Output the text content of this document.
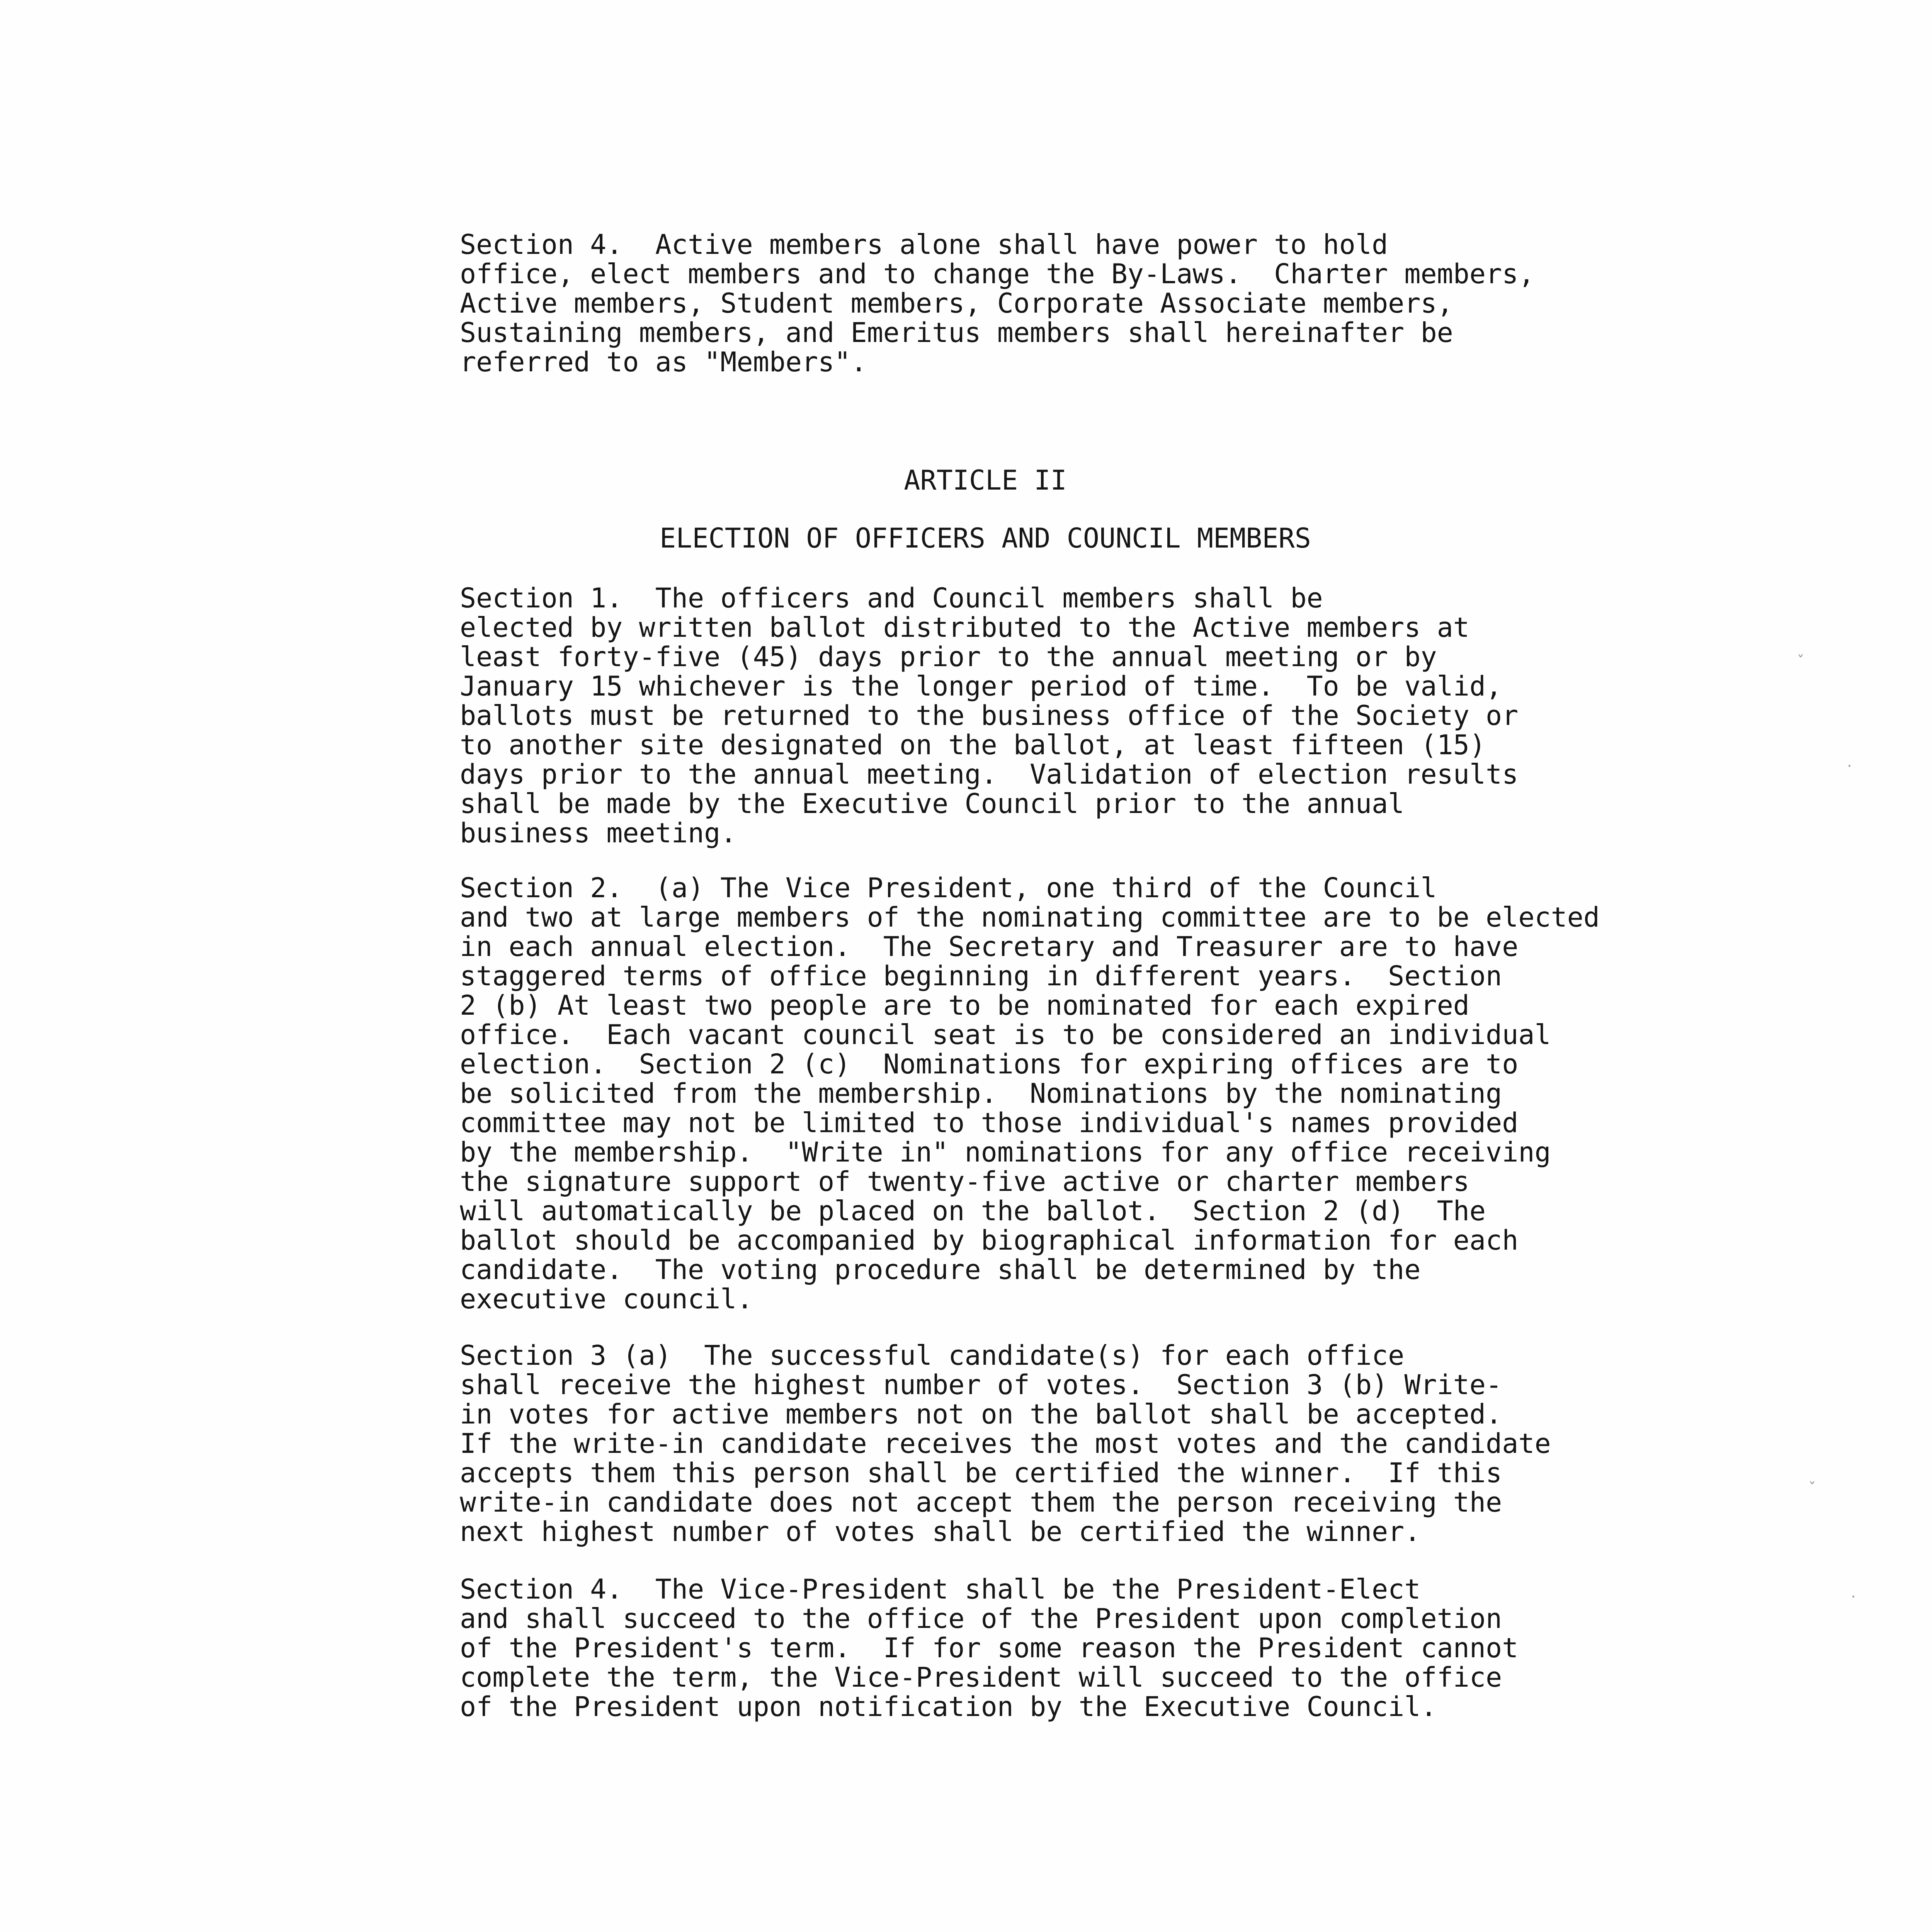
Section 4.  Active members alone shall have power to hold
office, elect members and to change the By-Laws.  Charter members,
Active members, Student members, Corporate Associate members,
Sustaining members, and Emeritus members shall hereinafter be
referred to as "Members".

ARTICLE II

ELECTION OF OFFICERS AND COUNCIL MEMBERS

Section 1.  The officers and Council members shall be
elected by written ballot distributed to the Active members at
least forty-five (45) days prior to the annual meeting or by
January 15 whichever is the longer period of time.  To be valid,
ballots must be returned to the business office of the Society or
to another site designated on the ballot, at least fifteen (15)
days prior to the annual meeting.  Validation of election results
shall be made by the Executive Council prior to the annual
business meeting.

Section 2.  (a) The Vice President, one third of the Council
and two at large members of the nominating committee are to be elected
in each annual election.  The Secretary and Treasurer are to have
staggered terms of office beginning in different years.  Section
2 (b) At least two people are to be nominated for each expired
office.  Each vacant council seat is to be considered an individual
election.  Section 2 (c)  Nominations for expiring offices are to
be solicited from the membership.  Nominations by the nominating
committee may not be limited to those individual's names provided
by the membership.  "Write in" nominations for any office receiving
the signature support of twenty-five active or charter members
will automatically be placed on the ballot.  Section 2 (d)  The
ballot should be accompanied by biographical information for each
candidate.  The voting procedure shall be determined by the
executive council.

Section 3 (a)  The successful candidate(s) for each office
shall receive the highest number of votes.  Section 3 (b) Write-
in votes for active members not on the ballot shall be accepted.
If the write-in candidate receives the most votes and the candidate
accepts them this person shall be certified the winner.  If this
write-in candidate does not accept them the person receiving the
next highest number of votes shall be certified the winner.

Section 4.  The Vice-President shall be the President-Elect
and shall succeed to the office of the President upon completion
of the President's term.  If for some reason the President cannot
complete the term, the Vice-President will succeed to the office
of the President upon notification by the Executive Council.

ˇ
·
ˇ
·
